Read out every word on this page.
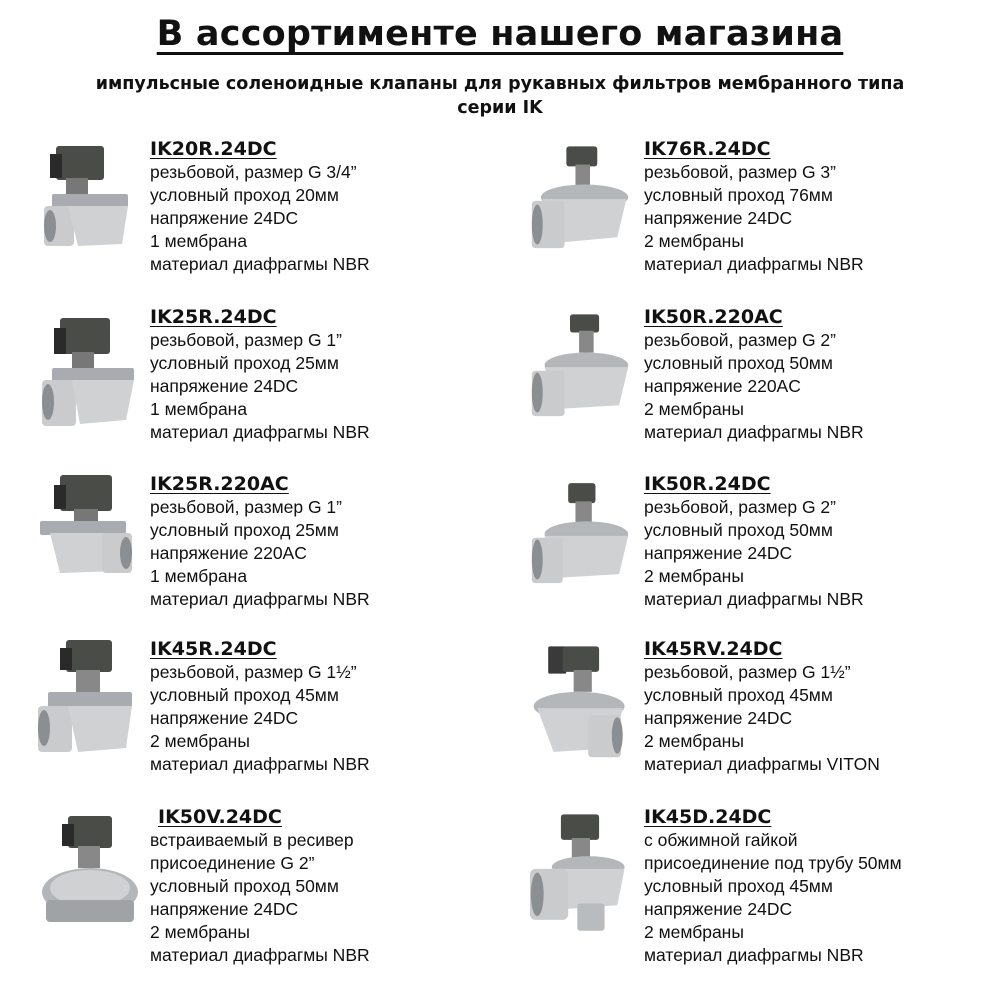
В ассортименте нашего магазина
импульсные соленоидные клапаны для рукавных фильтров мембранного типа
серии IK
IK20R.24DC
резьбовой, размер G 3/4”
условный проход 20мм
напряжение 24DC
1 мембрана
материал диафрагмы NBR
IK25R.24DC
резьбовой, размер G 1”
условный проход 25мм
напряжение 24DC
1 мембрана
материал диафрагмы NBR
IK25R.220AC
резьбовой, размер G 1”
условный проход 25мм
напряжение 220AC
1 мембрана
материал диафрагмы NBR
IK45R.24DC
резьбовой, размер G 1½”
условный проход 45мм
напряжение 24DC
2 мембраны
материал диафрагмы NBR
IK50V.24DC
встраиваемый в ресивер
присоединение G 2”
условный проход 50мм
напряжение 24DC
2 мембраны
материал диафрагмы NBR
IK76R.24DC
резьбовой, размер G 3”
условный проход 76мм
напряжение 24DC
2 мембраны
материал диафрагмы NBR
IK50R.220AC
резьбовой, размер G 2”
условный проход 50мм
напряжение 220AC
2 мембраны
материал диафрагмы NBR
IK50R.24DC
резьбовой, размер G 2”
условный проход 50мм
напряжение 24DC
2 мембраны
материал диафрагмы NBR
IK45RV.24DC
резьбовой, размер G 1½”
условный проход 45мм
напряжение 24DC
2 мембраны
материал диафрагмы VITON
IK45D.24DC
с обжимной гайкой
присоединение под трубу 50мм
условный проход 45мм
напряжение 24DC
2 мембраны
материал диафрагмы NBR
